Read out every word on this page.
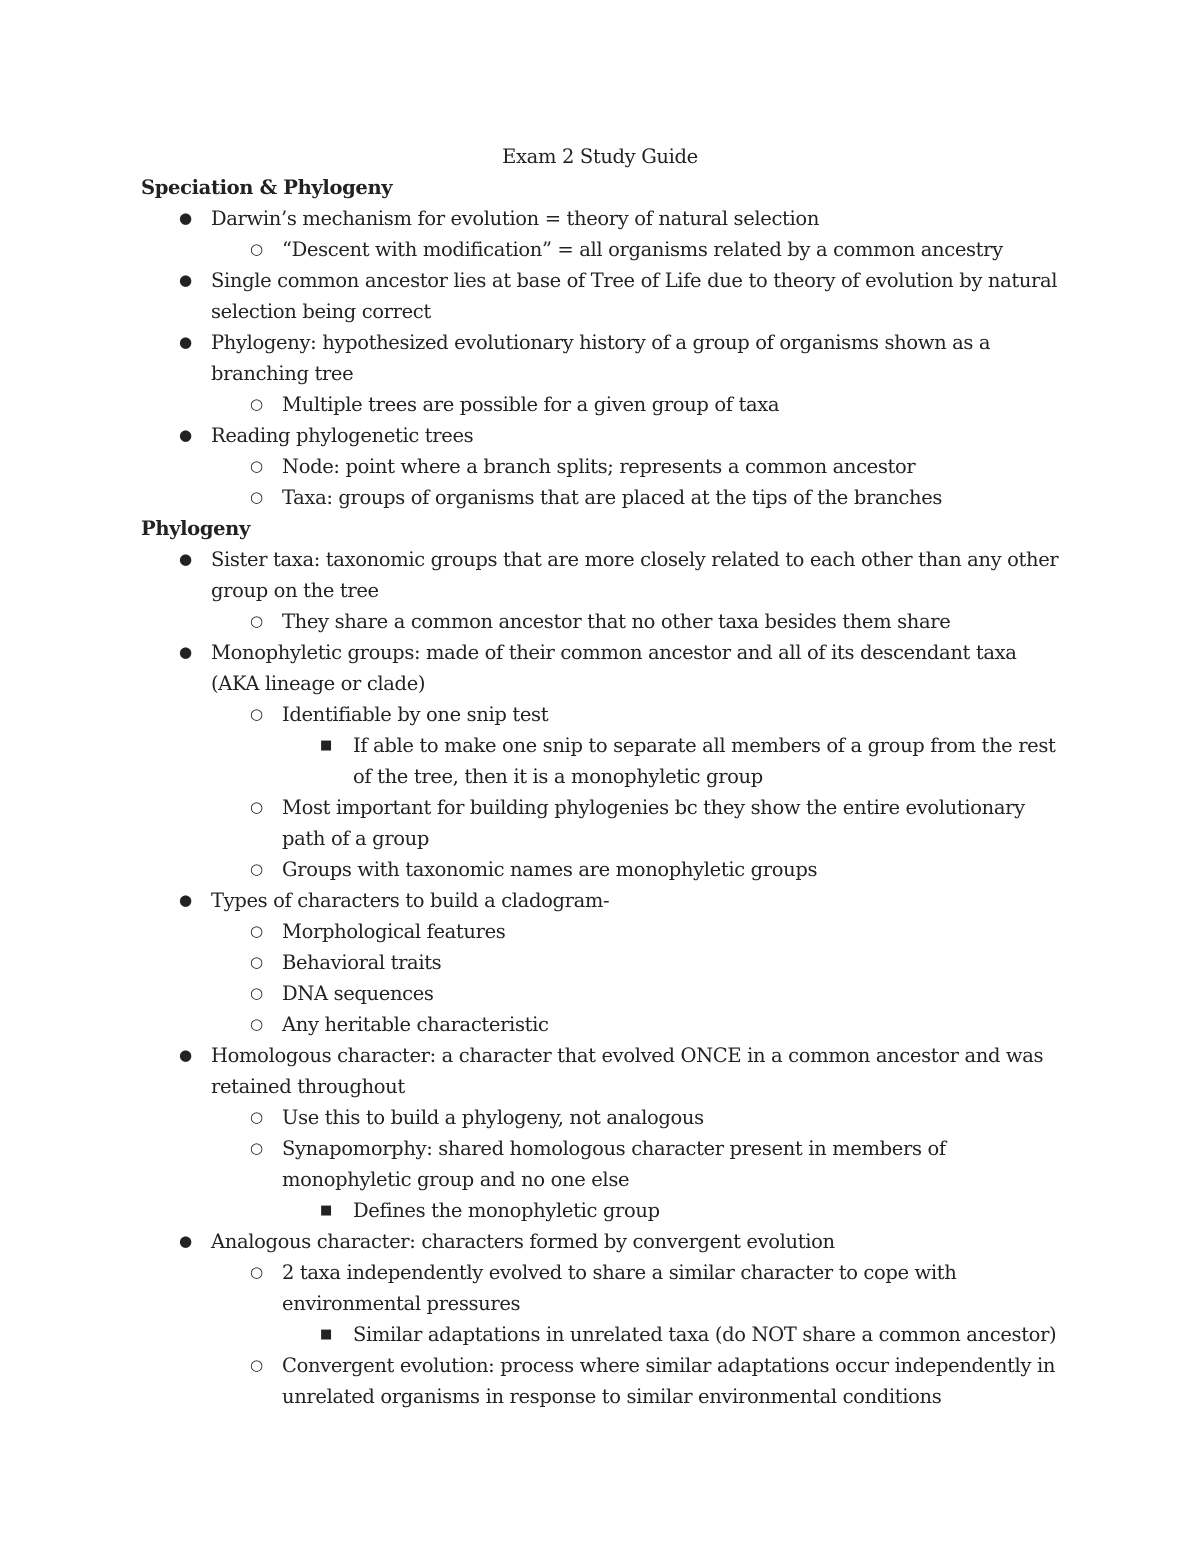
Exam 2 Study Guide

Speciation & Phylogeny

● Darwin’s mechanism for evolution = theory of natural selection
○ “Descent with modification” = all organisms related by a common ancestry
● Single common ancestor lies at base of Tree of Life due to theory of evolution by natural selection being correct
● Phylogeny: hypothesized evolutionary history of a group of organisms shown as a branching tree
○ Multiple trees are possible for a given group of taxa
● Reading phylogenetic trees
○ Node: point where a branch splits; represents a common ancestor
○ Taxa: groups of organisms that are placed at the tips of the branches

Phylogeny

● Sister taxa: taxonomic groups that are more closely related to each other than any other group on the tree
○ They share a common ancestor that no other taxa besides them share
● Monophyletic groups: made of their common ancestor and all of its descendant taxa (AKA lineage or clade)
○ Identifiable by one snip test
■	If able to make one snip to separate all members of a group from the rest of the tree, then it is a monophyletic group
○ Most important for building phylogenies bc they show the entire evolutionary path of a group
○ Groups with taxonomic names are monophyletic groups
● Types of characters to build a cladogram-
○ Morphological features
○ Behavioral traits
○ DNA sequences
○ Any heritable characteristic
● Homologous character: a character that evolved ONCE in a common ancestor and was retained throughout
○ Use this to build a phylogeny, not analogous
○ Synapomorphy: shared homologous character present in members of monophyletic group and no one else
■	Defines the monophyletic group
● Analogous character: characters formed by convergent evolution
○ 2 taxa independently evolved to share a similar character to cope with environmental pressures
■	Similar adaptations in unrelated taxa (do NOT share a common ancestor)
○ Convergent evolution: process where similar adaptations occur independently in unrelated organisms in response to similar environmental conditions
